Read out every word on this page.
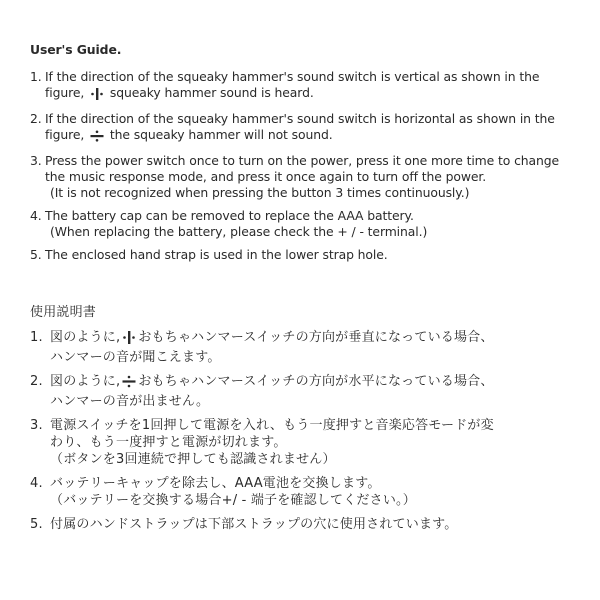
User's Guide.
1. If the direction of the squeaky hammer's sound switch is vertical as shown in the
figure, squeaky hammer sound is heard.
2. If the direction of the squeaky hammer's sound switch is horizontal as shown in the
figure, the squeaky hammer will not sound.
3. Press the power switch once to turn on the power, press it one more time to change
the music response mode, and press it once again to turn off the power.
(It is not recognized when pressing the button 3 times continuously.)
4. The battery cap can be removed to replace the AAA battery.
(When replacing the battery, please check the + / - terminal.)
5. The enclosed hand strap is used in the lower strap hole.
使用説明書
1. 図のように, おもちゃハンマースイッチの方向が垂直になっている場合、
ハンマーの音が聞こえます。
2. 図のように, おもちゃハンマースイッチの方向が水平になっている場合、
ハンマーの音が出ません。
3. 電源スイッチを1回押して電源を入れ、もう一度押すと音楽応答モードが変
わり、もう一度押すと電源が切れます。
（ボタンを3回連続で押しても認識されません）
4. バッテリーキャップを除去し、AAA電池を交換します。
（バッテリーを交換する場合+/ - 端子を確認してください。）
5. 付属のハンドストラップは下部ストラップの穴に使用されています。
